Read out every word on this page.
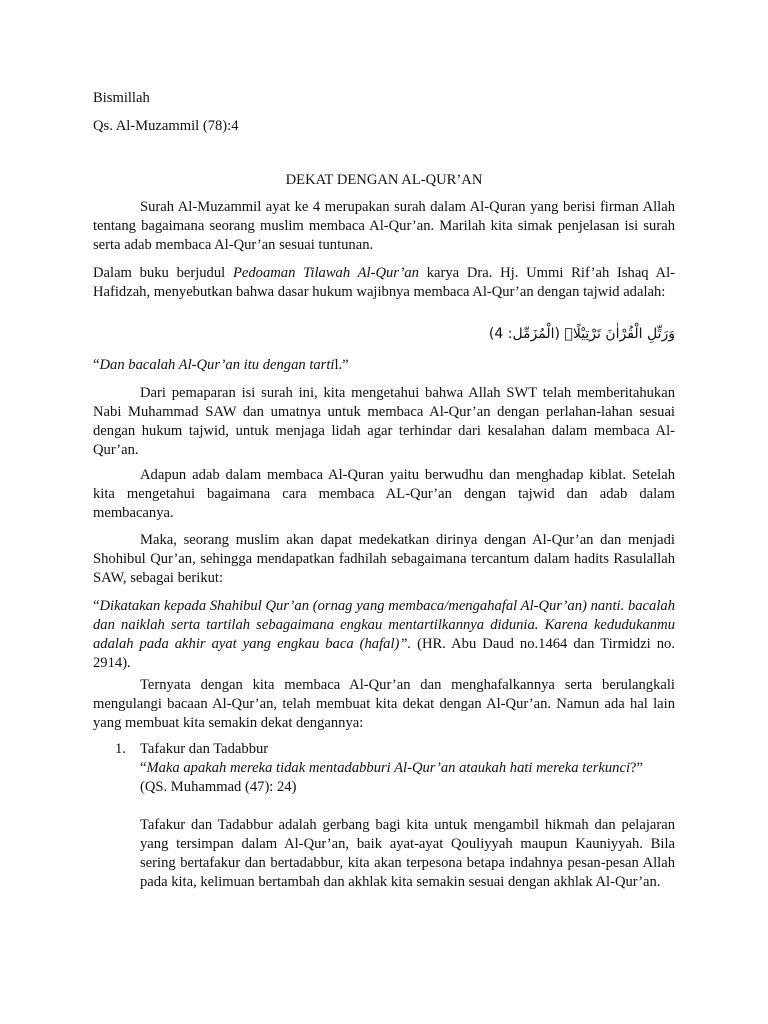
Bismillah

Qs. Al-Muzammil (78):4

DEKAT DENGAN AL-QUR’AN

Surah Al-Muzammil ayat ke 4 merupakan surah dalam Al-Quran yang berisi firman Allah tentang bagaimana seorang muslim membaca Al-Qur’an. Marilah kita simak penjelasan isi surah serta adab membaca Al-Qur’an sesuai tuntunan.

Dalam buku berjudul Pedoaman Tilawah Al-Qur’an karya Dra. Hj. Ummi Rif’ah Ishaq Al-Hafidzah, menyebutkan bahwa dasar hukum wajibnya membaca Al-Qur’an dengan tajwid adalah:

وَرَتِّلِ الْقُرْاٰنَ تَرْتِيْلًاۗ (الْمُزَمِّل: 4)

“Dan bacalah Al-Qur’an itu dengan tartil.”

Dari pemaparan isi surah ini, kita mengetahui bahwa Allah SWT telah memberitahukan Nabi Muhammad SAW dan umatnya untuk membaca Al-Qur’an dengan perlahan-lahan sesuai dengan hukum tajwid, untuk menjaga lidah agar terhindar dari kesalahan dalam membaca Al-Qur’an.

Adapun adab dalam membaca Al-Quran yaitu berwudhu dan menghadap kiblat. Setelah kita mengetahui bagaimana cara membaca AL-Qur’an dengan tajwid dan adab dalam membacanya.

Maka, seorang muslim akan dapat medekatkan dirinya dengan Al-Qur’an dan menjadi Shohibul Qur’an, sehingga mendapatkan fadhilah sebagaimana tercantum dalam hadits Rasulallah SAW, sebagai berikut:

“Dikatakan kepada Shahibul Qur’an (ornag yang membaca/mengahafal Al-Qur’an) nanti. bacalah dan naiklah serta tartilah sebagaimana engkau mentartilkannya didunia. Karena kedudukanmu adalah pada akhir ayat yang engkau baca (hafal)”. (HR. Abu Daud no.1464 dan Tirmidzi no. 2914).

Ternyata dengan kita membaca Al-Qur’an dan menghafalkannya serta berulangkali mengulangi bacaan Al-Qur’an, telah membuat kita dekat dengan Al-Qur’an. Namun ada hal lain yang membuat kita semakin dekat dengannya:

1. Tafakur dan Tadabbur

“Maka apakah mereka tidak mentadabburi Al-Qur’an ataukah hati mereka terkunci?”

(QS. Muhammad (47): 24)

Tafakur dan Tadabbur adalah gerbang bagi kita untuk mengambil hikmah dan pelajaran yang tersimpan dalam Al-Qur’an, baik ayat-ayat Qouliyyah maupun Kauniyyah. Bila sering bertafakur dan bertadabbur, kita akan terpesona betapa indahnya pesan-pesan Allah pada kita, kelimuan bertambah dan akhlak kita semakin sesuai dengan akhlak Al-Qur’an.
